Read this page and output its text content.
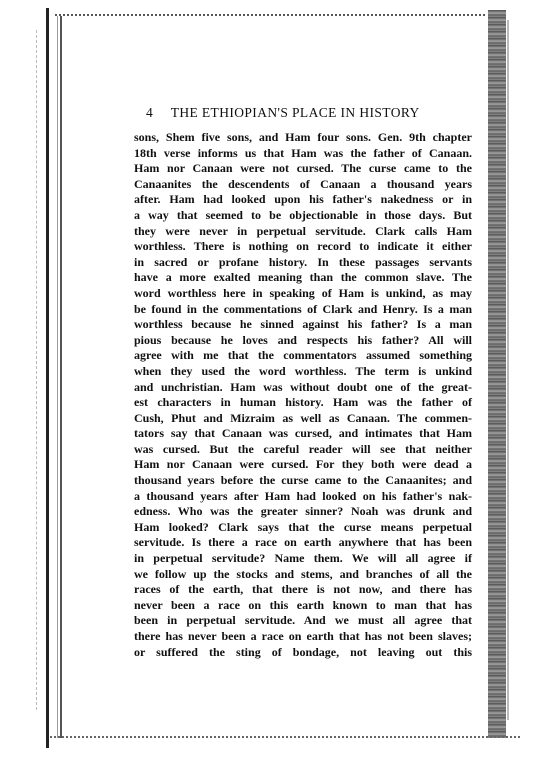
4 THE ETHIOPIAN'S PLACE IN HISTORY
sons, Shem five sons, and Ham four sons. Gen. 9th chapter
18th verse informs us that Ham was the father of Canaan.
Ham nor Canaan were not cursed. The curse came to the
Canaanites the descendents of Canaan a thousand years
after. Ham had looked upon his father's nakedness or in
a way that seemed to be objectionable in those days. But
they were never in perpetual servitude. Clark calls Ham
worthless. There is nothing on record to indicate it either
in sacred or profane history. In these passages servants
have a more exalted meaning than the common slave. The
word worthless here in speaking of Ham is unkind, as may
be found in the commentations of Clark and Henry. Is a man
worthless because he sinned against his father? Is a man
pious because he loves and respects his father? All will
agree with me that the commentators assumed something
when they used the word worthless. The term is unkind
and unchristian. Ham was without doubt one of the great-
est characters in human history. Ham was the father of
Cush, Phut and Mizraim as well as Canaan. The commen-
tators say that Canaan was cursed, and intimates that Ham
was cursed. But the careful reader will see that neither
Ham nor Canaan were cursed. For they both were dead a
thousand years before the curse came to the Canaanites; and
a thousand years after Ham had looked on his father's nak-
edness. Who was the greater sinner? Noah was drunk and
Ham looked? Clark says that the curse means perpetual
servitude. Is there a race on earth anywhere that has been
in perpetual servitude? Name them. We will all agree if
we follow up the stocks and stems, and branches of all the
races of the earth, that there is not now, and there has
never been a race on this earth known to man that has
been in perpetual servitude. And we must all agree that
there has never been a race on earth that has not been slaves;
or suffered the sting of bondage, not leaving out this
